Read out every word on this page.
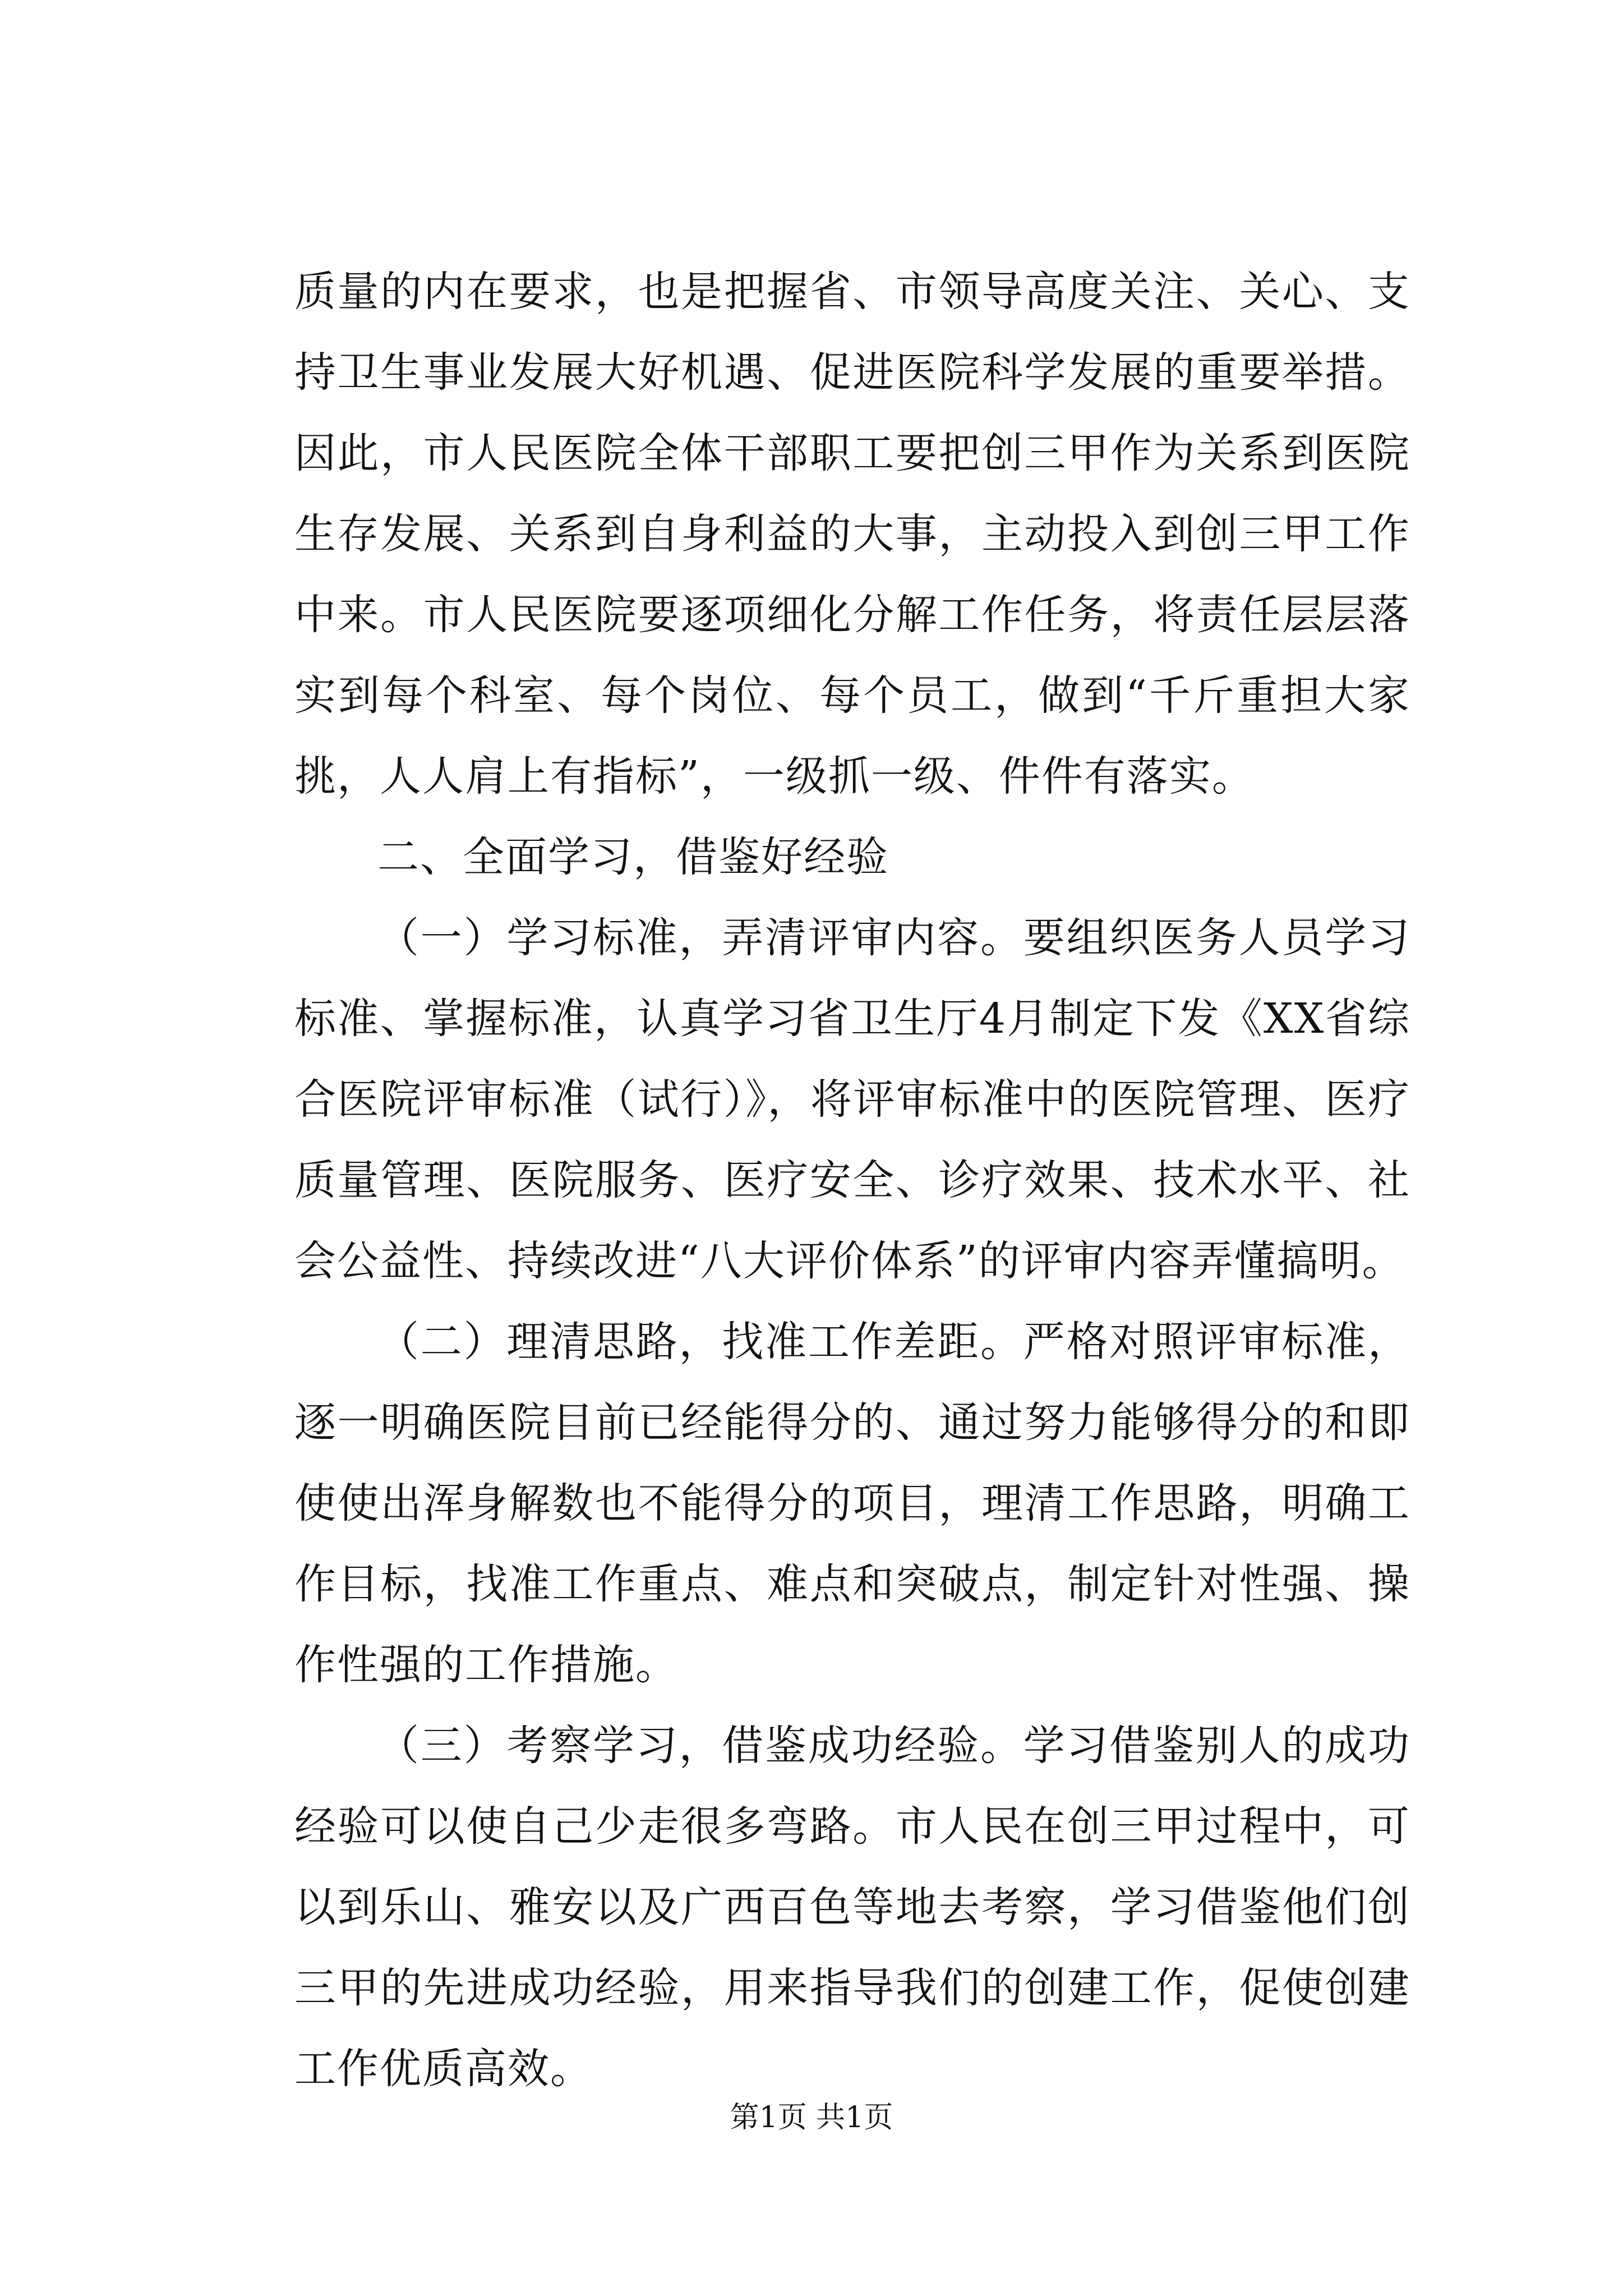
质量的内在要求，也是把握省、市领导高度关注、关心、支持卫生事业发展大好机遇、促进医院科学发展的重要举措。因此，市人民医院全体干部职工要把创三甲作为关系到医院生存发展、关系到自身利益的大事，主动投入到创三甲工作中来。市人民医院要逐项细化分解工作任务，将责任层层落实到每个科室、每个岗位、每个员工，做到“千斤重担大家挑，人人肩上有指标”，一级抓一级、件件有落实。

二、全面学习，借鉴好经验

（一）学习标准，弄清评审内容。要组织医务人员学习标准、掌握标准，认真学习省卫生厅4月制定下发《XX省综合医院评审标准（试行）》，将评审标准中的医院管理、医疗质量管理、医院服务、医疗安全、诊疗效果、技术水平、社会公益性、持续改进“八大评价体系”的评审内容弄懂搞明。

（二）理清思路，找准工作差距。严格对照评审标准，逐一明确医院目前已经能得分的、通过努力能够得分的和即使使出浑身解数也不能得分的项目，理清工作思路，明确工作目标，找准工作重点、难点和突破点，制定针对性强、操作性强的工作措施。

（三）考察学习，借鉴成功经验。学习借鉴别人的成功经验可以使自己少走很多弯路。市人民在创三甲过程中，可以到乐山、雅安以及广西百色等地去考察，学习借鉴他们创三甲的先进成功经验，用来指导我们的创建工作，促使创建工作优质高效。

第1页 共1页
